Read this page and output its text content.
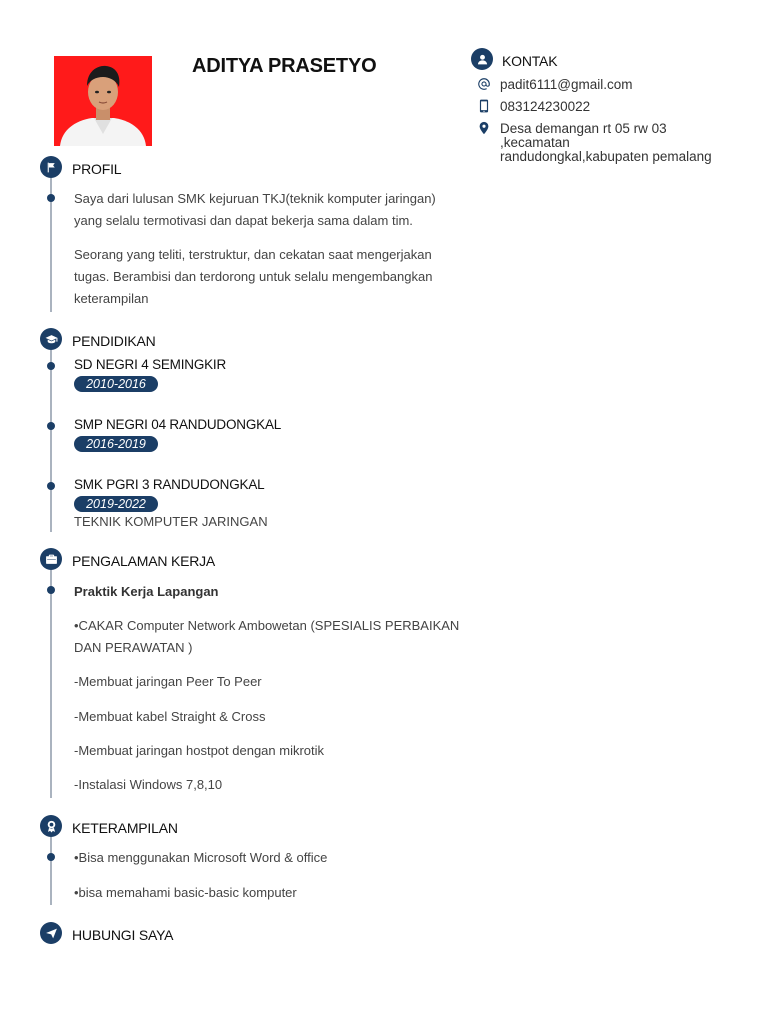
ADITYA PRASETYO	KONTAK
padit6111@gmail.com
083124230022
Desa demangan rt 05 rw 03
,kecamatan
randudongkal,kabupaten pemalang
PROFIL
Saya dari lulusan SMK kejuruan TKJ(teknik komputer jaringan)
yang selalu termotivasi dan dapat bekerja sama dalam tim.
Seorang yang teliti, terstruktur, dan cekatan saat mengerjakan
tugas. Berambisi dan terdorong untuk selalu mengembangkan
keterampilan
PENDIDIKAN
SD NEGRI 4 SEMINGKIR
2010-2016
SMP NEGRI 04 RANDUDONGKAL
2016-2019
SMK PGRI 3 RANDUDONGKAL
2019-2022
TEKNIK KOMPUTER JARINGAN
PENGALAMAN KERJA
Praktik Kerja Lapangan
•CAKAR Computer Network Ambowetan (SPESIALIS PERBAIKAN
DAN PERAWATAN )
-Membuat jaringan Peer To Peer
-Membuat kabel Straight & Cross
-Membuat jaringan hostpot dengan mikrotik
-Instalasi Windows 7,8,10
KETERAMPILAN
•Bisa menggunakan Microsoft Word & office
•bisa memahami basic-basic komputer
HUBUNGI SAYA
